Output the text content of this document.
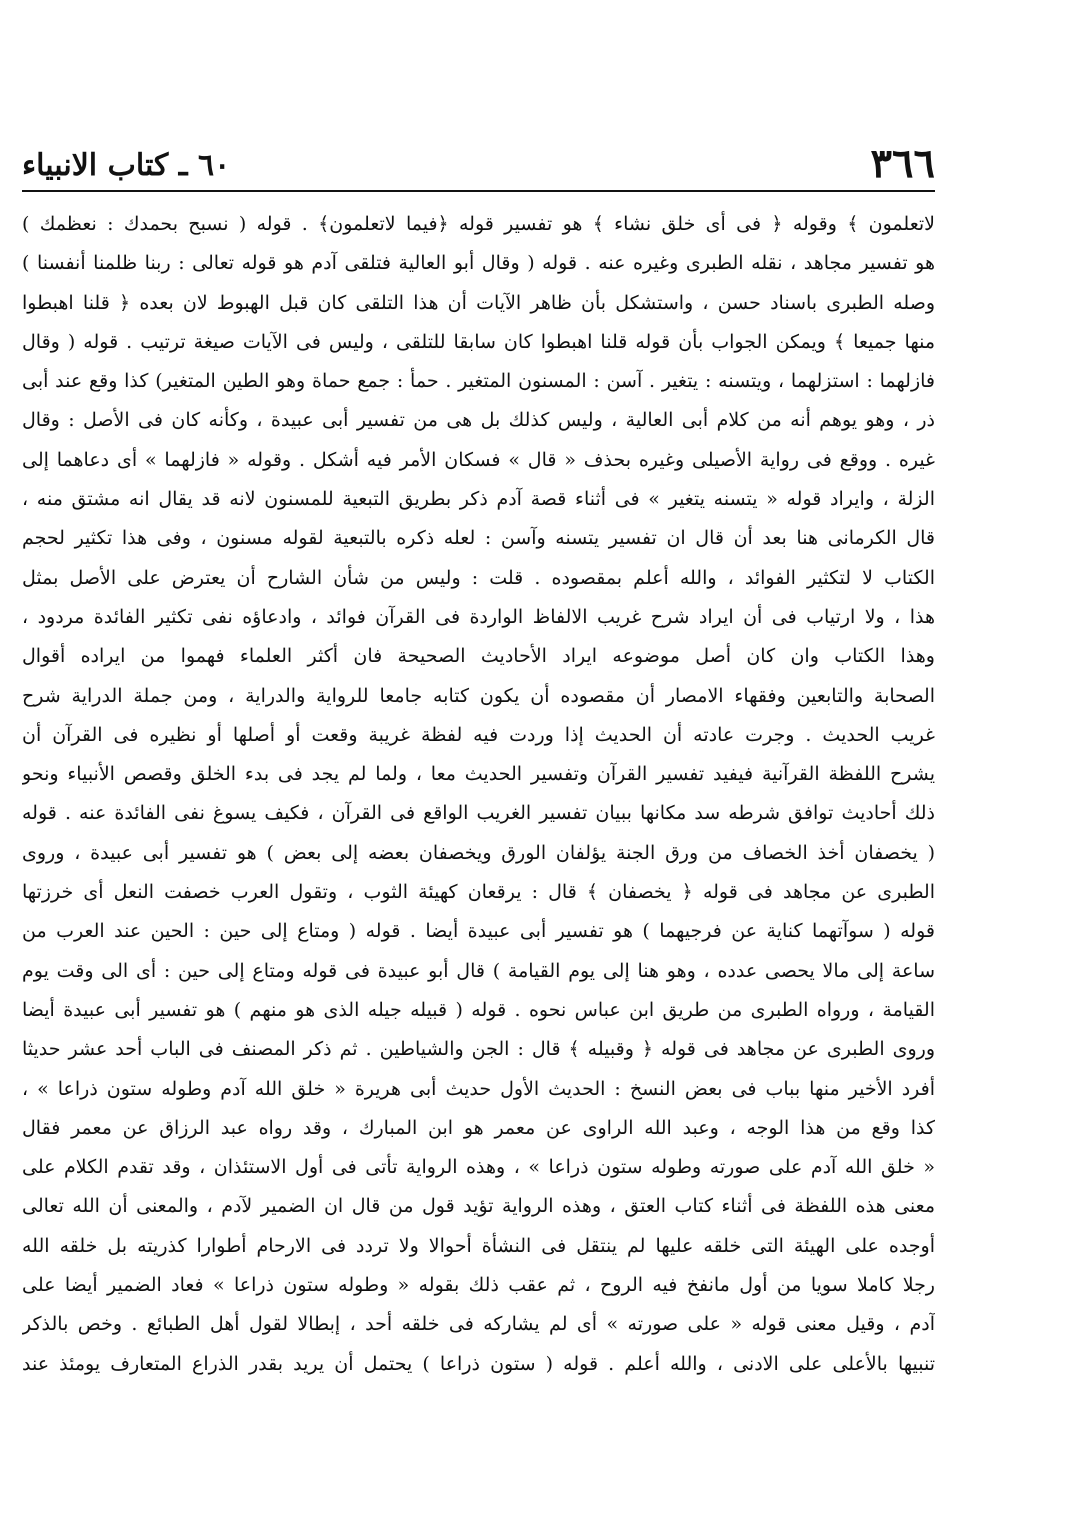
٣٦٦
٦٠ ـ كتاب الانبياء
لاتعلمون ﴾ وقوله ﴿ فى أى خلق نشاء ﴾ هو تفسير قوله ﴿فيما لاتعلمون﴾ . قوله ( نسبح بحمدك : نعظمك )
هو تفسير مجاهد ، نقله الطبرى وغيره عنه . قوله ( وقال أبو العالية فتلقى آدم هو قوله تعالى : ربنا ظلمنا أنفسنا )
وصله الطبرى باسناد حسن ، واستشكل بأن ظاهر الآيات أن هذا التلقى كان قبل الهبوط لان بعده ﴿ قلنا اهبطوا
منها جميعا ﴾ ويمكن الجواب بأن قوله قلنا اهبطوا كان سابقا للتلقى ، وليس فى الآيات صيغة ترتيب . قوله ( وقال
فازلهما : استزلهما ، ويتسنه : يتغير . آسن : المسنون المتغير . حمأ : جمع حماة وهو الطين المتغير) كذا وقع عند أبى
ذر ، وهو يوهم أنه من كلام أبى العالية ، وليس كذلك بل هى من تفسير أبى عبيدة ، وكأنه كان فى الأصل : وقال
غيره . ووقع فى رواية الأصيلى وغيره بحذف « قال » فسكان الأمر فيه أشكل . وقوله « فازلهما » أى دعاهما إلى
الزلة ، وايراد قوله « يتسنه يتغير » فى أثناء قصة آدم ذكر بطريق التبعية للمسنون لانه قد يقال انه مشتق منه ،
قال الكرمانى هنا بعد أن قال ان تفسير يتسنه وآسن : لعله ذكره بالتبعية لقوله مسنون ، وفى هذا تكثير لحجم
الكتاب لا لتكثير الفوائد ، والله أعلم بمقصوده . قلت : وليس من شأن الشارح أن يعترض على الأصل بمثل
هذا ، ولا ارتياب فى أن ايراد شرح غريب الالفاظ الواردة فى القرآن فوائد ، وادعاؤه نفى تكثير الفائدة مردود ،
وهذا الكتاب وان كان أصل موضوعه ايراد الأحاديث الصحيحة فان أكثر العلماء فهموا من ايراده أقوال
الصحابة والتابعين وفقهاء الامصار أن مقصوده أن يكون كتابه جامعا للرواية والدراية ، ومن جملة الدراية شرح
غريب الحديث . وجرت عادته أن الحديث إذا وردت فيه لفظة غريبة وقعت أو أصلها أو نظيره فى القرآن أن
يشرح اللفظة القرآنية فيفيد تفسير القرآن وتفسير الحديث معا ، ولما لم يجد فى بدء الخلق وقصص الأنبياء ونحو
ذلك أحاديث توافق شرطه سد مكانها ببيان تفسير الغريب الواقع فى القرآن ، فكيف يسوغ نفى الفائدة عنه . قوله
( يخصفان أخذ الخصاف من ورق الجنة يؤلفان الورق ويخصفان بعضه إلى بعض ) هو تفسير أبى عبيدة ، وروى
الطبرى عن مجاهد فى قوله ﴿ يخصفان ﴾ قال : يرقعان كهيئة الثوب ، وتقول العرب خصفت النعل أى خرزتها
قوله ( سوآتهما كناية عن فرجيهما ) هو تفسير أبى عبيدة أيضا . قوله ( ومتاع إلى حين : الحين عند العرب من
ساعة إلى مالا يحصى عدده ، وهو هنا إلى يوم القيامة ) قال أبو عبيدة فى قوله ومتاع إلى حين : أى الى وقت يوم
القيامة ، ورواه الطبرى من طريق ابن عباس نحوه . قوله ( قبيله جيله الذى هو منهم ) هو تفسير أبى عبيدة أيضا
وروى الطبرى عن مجاهد فى قوله ﴿ وقبيله ﴾ قال : الجن والشياطين . ثم ذكر المصنف فى الباب أحد عشر حديثا
أفرد الأخير منها بباب فى بعض النسخ : الحديث الأول حديث أبى هريرة « خلق الله آدم وطوله ستون ذراعا » ،
كذا وقع من هذا الوجه ، وعبد الله الراوى عن معمر هو ابن المبارك ، وقد رواه عبد الرزاق عن معمر فقال
« خلق الله آدم على صورته وطوله ستون ذراعا » ، وهذه الرواية تأتى فى أول الاستئذان ، وقد تقدم الكلام على
معنى هذه اللفظة فى أثناء كتاب العتق ، وهذه الرواية تؤيد قول من قال ان الضمير لآدم ، والمعنى أن الله تعالى
أوجده على الهيئة التى خلقه عليها لم ينتقل فى النشأة أحوالا ولا تردد فى الارحام أطوارا كذريته بل خلقه الله
رجلا كاملا سويا من أول مانفخ فيه الروح ، ثم عقب ذلك بقوله « وطوله ستون ذراعا » فعاد الضمير أيضا على
آدم ، وقيل معنى قوله « على صورته » أى لم يشاركه فى خلقه أحد ، إبطالا لقول أهل الطبائع . وخص بالذكر
تنبيها بالأعلى على الادنى ، والله أعلم . قوله ( ستون ذراعا ) يحتمل أن يريد بقدر الذراع المتعارف يومئذ عند
